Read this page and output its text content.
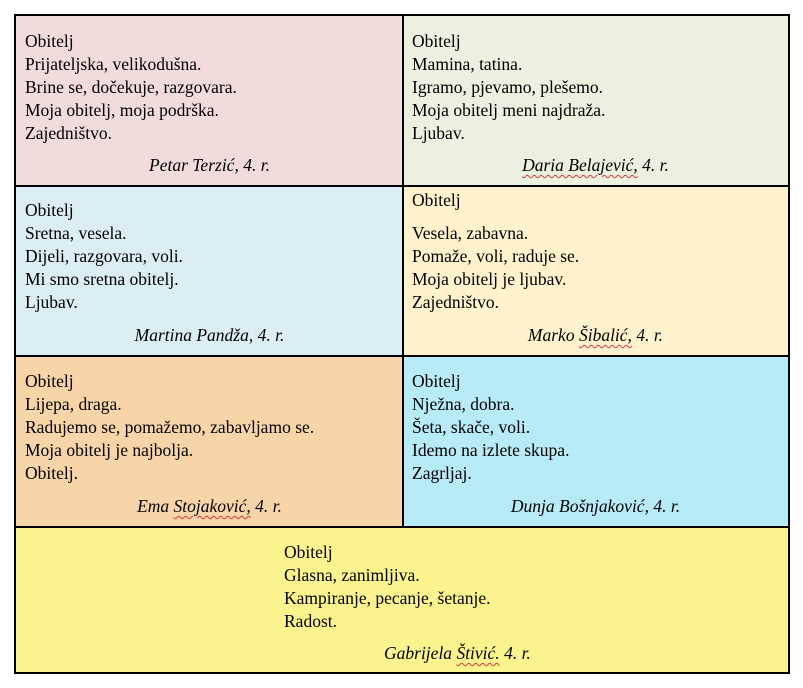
Obitelj
Prijateljska, velikodušna.
Brine se, dočekuje, razgovara.
Moja obitelj, moja podrška.
Zajedništvo.
Petar Terzić, 4. r.
Obitelj
Mamina, tatina.
Igramo, pjevamo, plešemo.
Moja obitelj meni najdraža.
Ljubav.
Daria Belajević, 4. r.
Obitelj
Sretna, vesela.
Dijeli, razgovara, voli.
Mi smo sretna obitelj.
Ljubav.
Martina Pandža, 4. r.
Obitelj
Vesela, zabavna.
Pomaže, voli, raduje se.
Moja obitelj je ljubav.
Zajedništvo.
Marko Šibalić, 4. r.
Obitelj
Lijepa, draga.
Radujemo se, pomažemo, zabavljamo se.
Moja obitelj je najbolja.
Obitelj.
Ema Stojaković, 4. r.
Obitelj
Nježna, dobra.
Šeta, skače, voli.
Idemo na izlete skupa.
Zagrljaj.
Dunja Bošnjaković, 4. r.
Obitelj
Glasna, zanimljiva.
Kampiranje, pecanje, šetanje.
Radost.
Gabrijela Štivić. 4. r.
